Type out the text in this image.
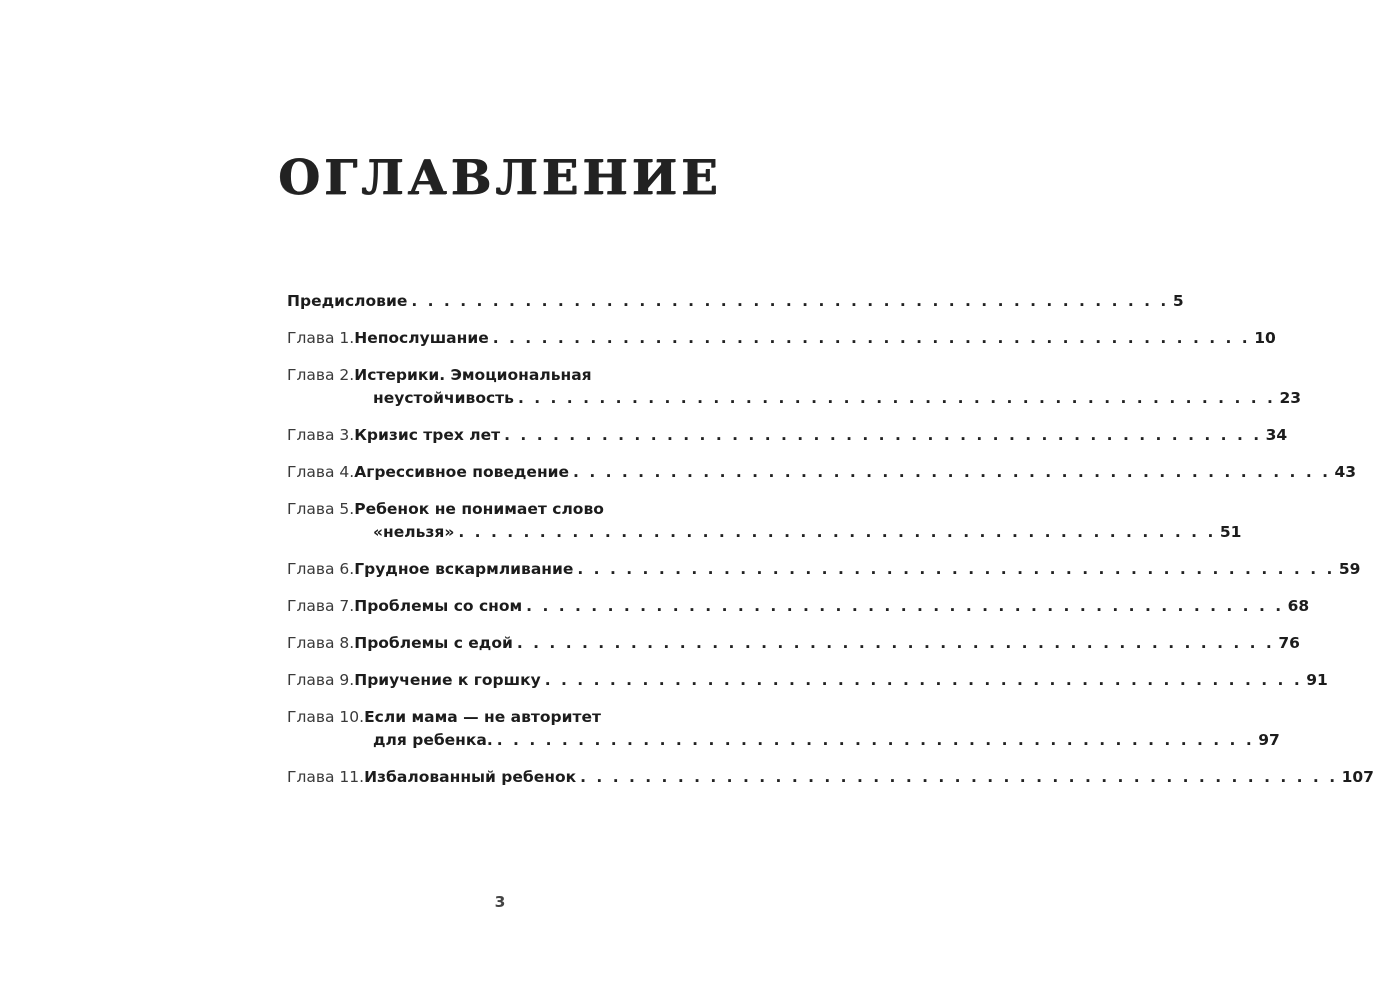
ОГЛАВЛЕНИЕ
Предисловие . . . . . . . . . . . . . . . . . . . . . . . . . . . . . . . . . . . . . . . . . . . . . . . 5
Глава 1. Непослушание . . . . . . . . . . . . . . . . . . . . . . . . . . . . . . . . . . . . . . . . . . . . . . . 10
Глава 2. Истерики. Эмоциональная
неустойчивость . . . . . . . . . . . . . . . . . . . . . . . . . . . . . . . . . . . . . . . . . . . . . . . 23
Глава 3. Кризис трех лет . . . . . . . . . . . . . . . . . . . . . . . . . . . . . . . . . . . . . . . . . . . . . . . 34
Глава 4. Агрессивное поведение . . . . . . . . . . . . . . . . . . . . . . . . . . . . . . . . . . . . . . . . . . . . . . . 43
Глава 5. Ребенок не понимает слово
«нельзя» . . . . . . . . . . . . . . . . . . . . . . . . . . . . . . . . . . . . . . . . . . . . . . . 51
Глава 6. Грудное вскармливание . . . . . . . . . . . . . . . . . . . . . . . . . . . . . . . . . . . . . . . . . . . . . . . 59
Глава 7. Проблемы со сном . . . . . . . . . . . . . . . . . . . . . . . . . . . . . . . . . . . . . . . . . . . . . . . 68
Глава 8. Проблемы с едой . . . . . . . . . . . . . . . . . . . . . . . . . . . . . . . . . . . . . . . . . . . . . . . 76
Глава 9. Приучение к горшку . . . . . . . . . . . . . . . . . . . . . . . . . . . . . . . . . . . . . . . . . . . . . . . 91
Глава 10. Если мама — не авторитет
для ребенка. . . . . . . . . . . . . . . . . . . . . . . . . . . . . . . . . . . . . . . . . . . . . . . . 97
Глава 11. Избалованный ребенок . . . . . . . . . . . . . . . . . . . . . . . . . . . . . . . . . . . . . . . . . . . . . . . 107
3
